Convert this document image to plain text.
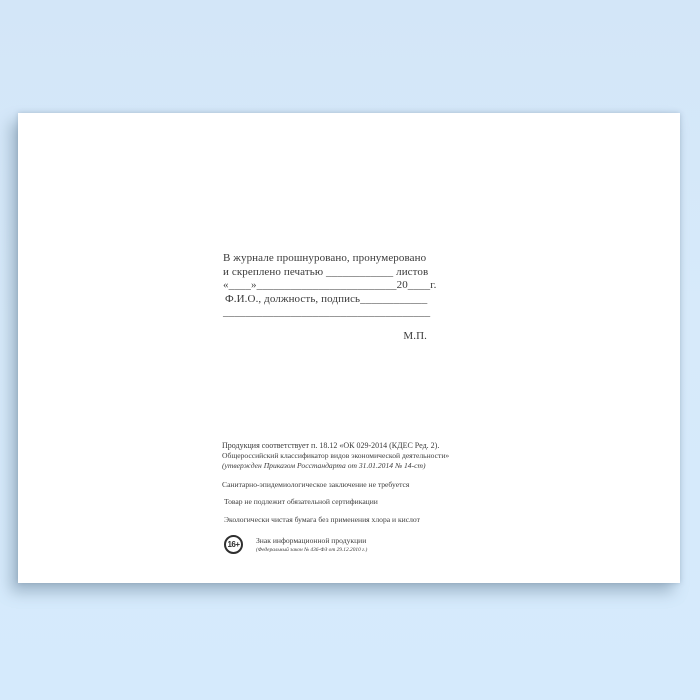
В журнале прошнуровано, пронумеровано
и скреплено печатью ____________ листов
«____»_________________________20____г.
Ф.И.О., должность, подпись____________
_____________________________________
М.П.
Продукция соответствует п. 18.12 «ОК 029-2014 (КДЕС Ред. 2).
Общероссийский классификатор видов экономической деятельности»
(утвержден Приказом Росстандарта от 31.01.2014 № 14-ст)
Санитарно-эпидемиологическое заключение не требуется
Товар не подлежит обязательной сертификации
Экологически чистая бумага без применения хлора и кислот
16+ Знак информационной продукции
(Федеральный закон № 436-ФЗ от 29.12.2010 г.)
